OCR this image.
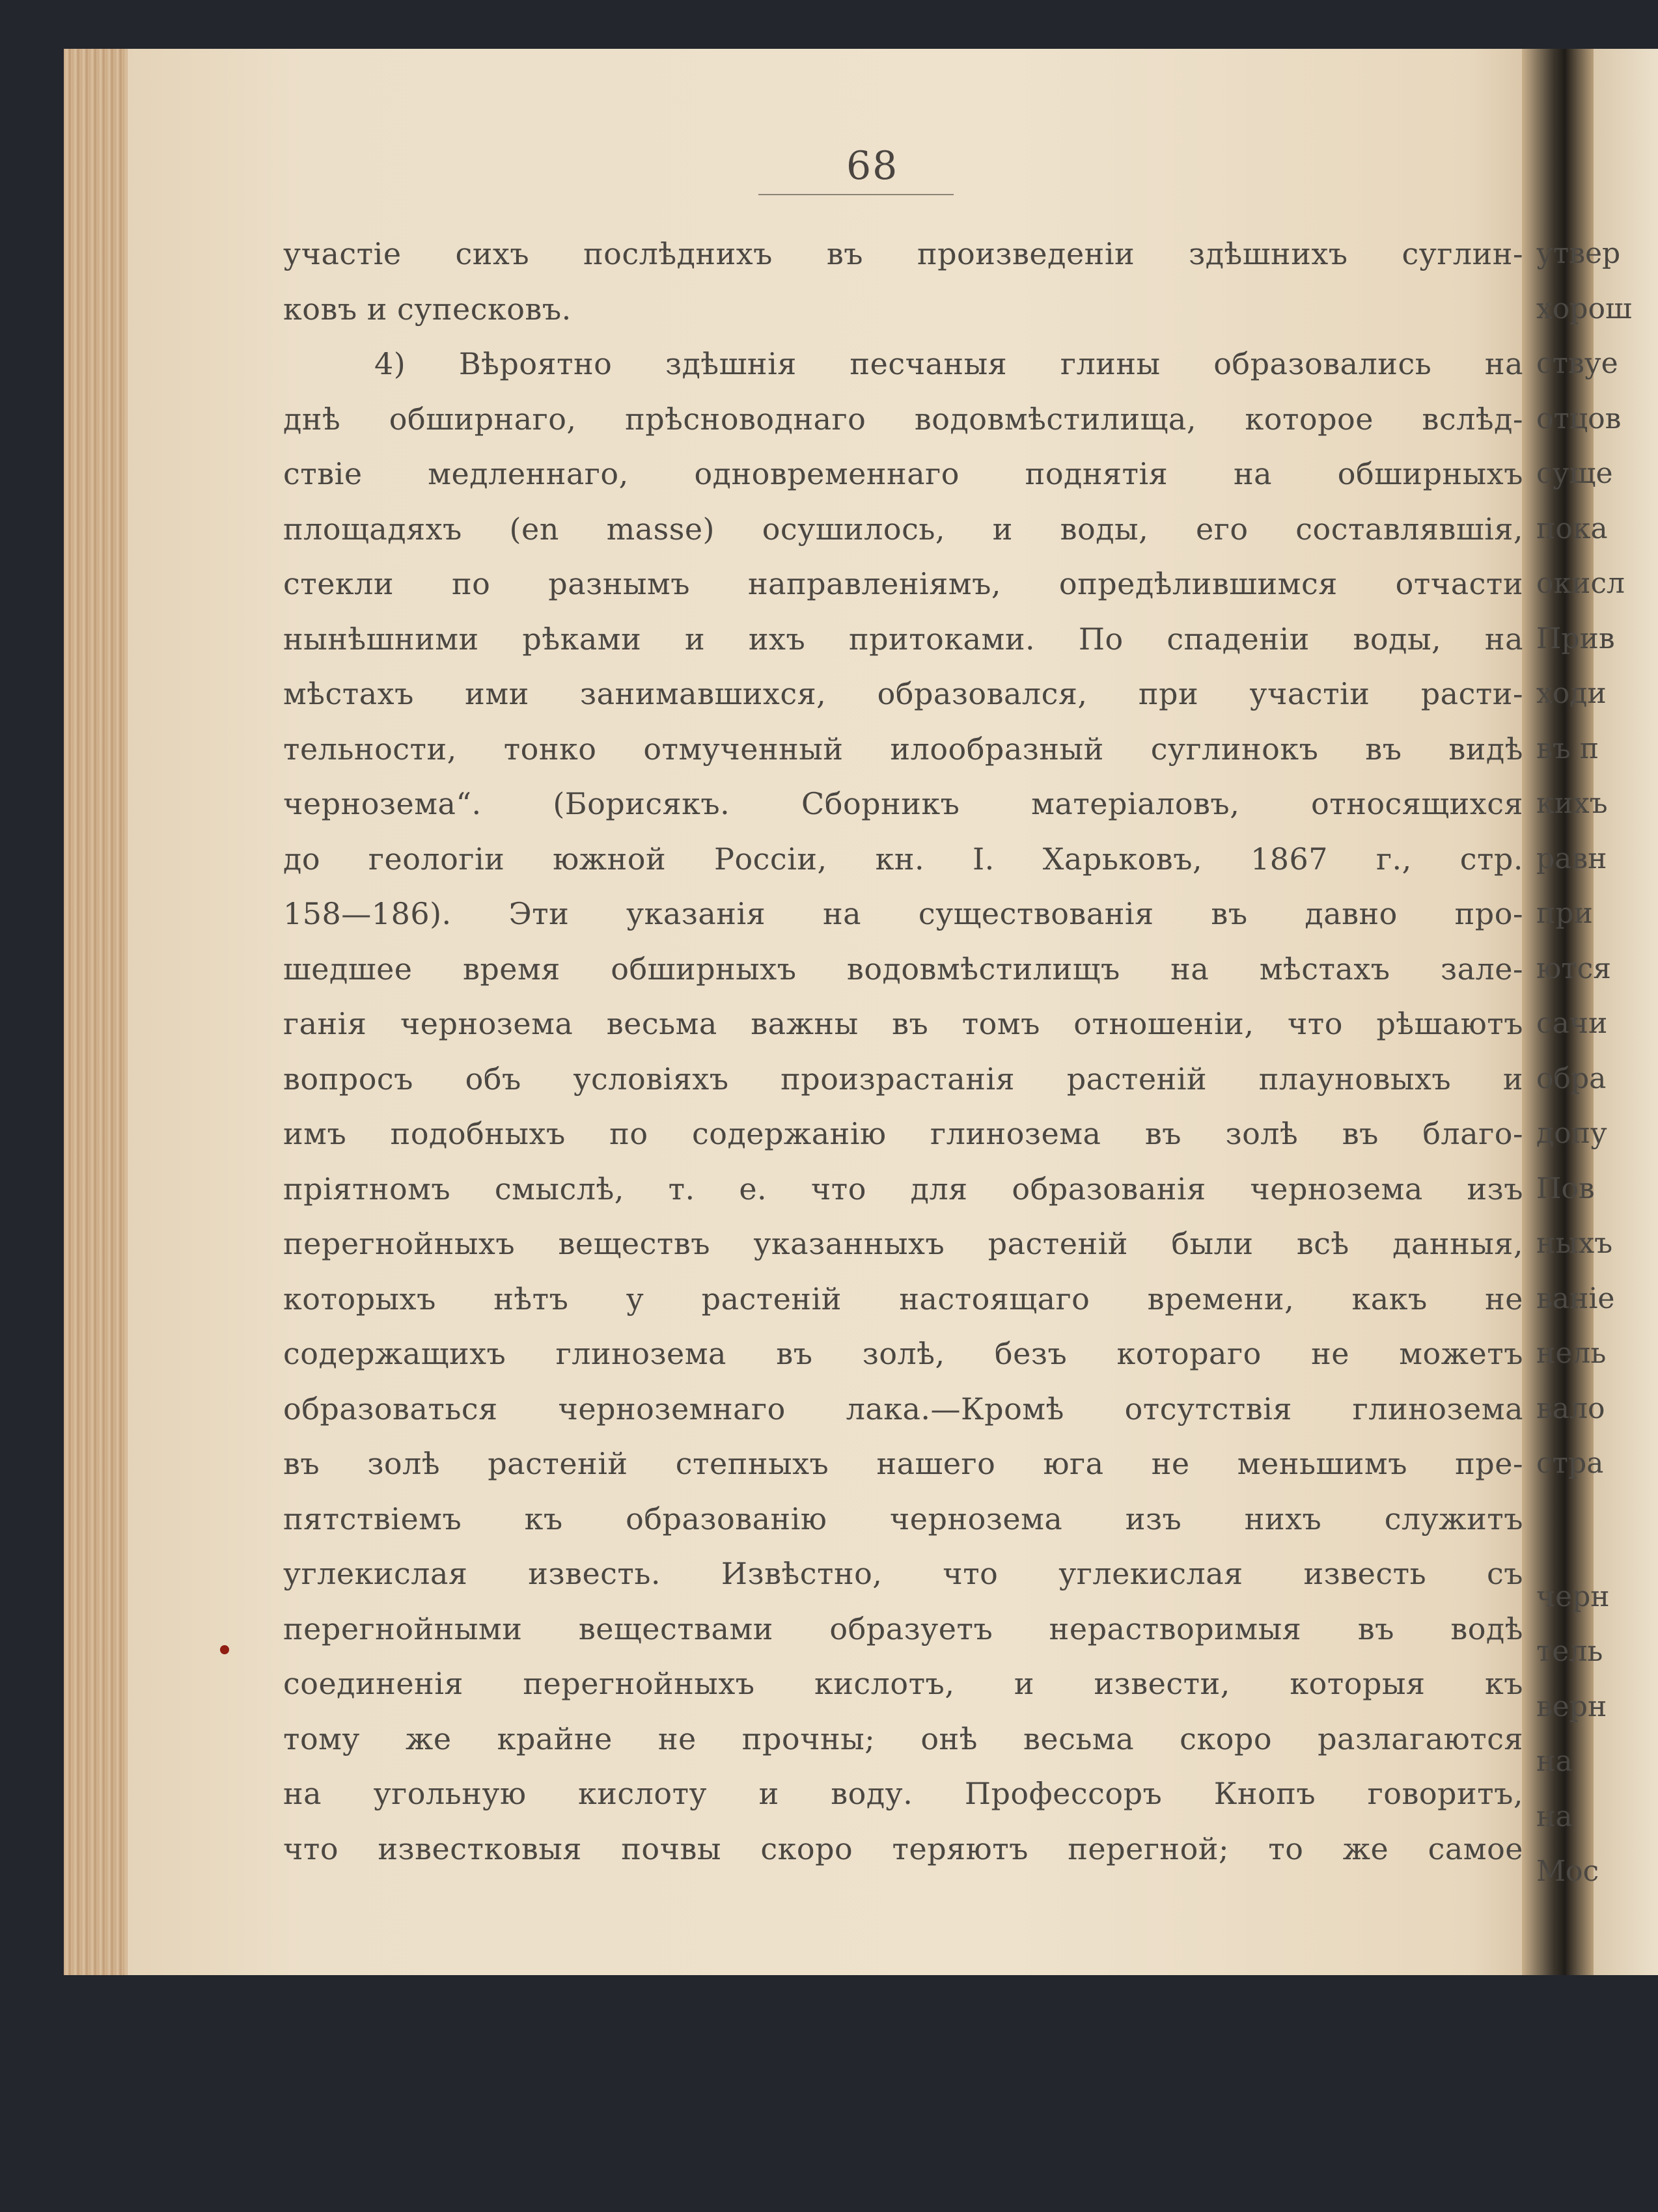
68
участіе сихъ послѣднихъ въ произведеніи здѣшнихъ суглин-
ковъ и супесковъ.
4) Вѣроятно здѣшнія песчаныя глины образовались на
днѣ обширнаго, прѣсноводнаго водовмѣстилища, которое вслѣд-
ствіе медленнаго, одновременнаго поднятія на обширныхъ
площадяхъ (en masse) осушилось, и воды, его составлявшія,
стекли по разнымъ направленіямъ, опредѣлившимся отчасти
нынѣшними рѣками и ихъ притоками. По спаденіи воды, на
мѣстахъ ими занимавшихся, образовался, при участіи расти-
тельности, тонко отмученный илообразный суглинокъ въ видѣ
чернозема“. (Борисякъ. Сборникъ матеріаловъ, относящихся
до геологіи южной Россіи, кн. I. Харьковъ, 1867 г., стр.
158—186). Эти указанія на существованія въ давно про-
шедшее время обширныхъ водовмѣстилищъ на мѣстахъ зале-
ганія чернозема весьма важны въ томъ отношеніи, что рѣшаютъ
вопросъ объ условіяхъ произрастанія растеній плауновыхъ и
имъ подобныхъ по содержанію глинозема въ золѣ въ благо-
пріятномъ смыслѣ, т. е. что для образованія чернозема изъ
перегнойныхъ веществъ указанныхъ растеній были всѣ данныя,
которыхъ нѣтъ у растеній настоящаго времени, какъ не
содержащихъ глинозема въ золѣ, безъ котораго не можетъ
образоваться черноземнаго лака.—Кромѣ отсутствія глинозема
въ золѣ растеній степныхъ нашего юга не меньшимъ пре-
пятствіемъ къ образованію чернозема изъ нихъ служитъ
углекислая известь. Извѣстно, что углекислая известь съ
перегнойными веществами образуетъ нерастворимыя въ водѣ
соединенія перегнойныхъ кислотъ, и извести, которыя къ
тому же крайне не прочны; онѣ весьма скоро разлагаются
на угольную кислоту и воду. Профессоръ Кнопъ говоритъ,
что известковыя почвы скоро теряютъ перегной; то же самое
утвер
хорош
ствуе
отцов
суще
пока
окисл
Прив
ходи
въ п
кихъ
равн
при
ются
сачи
обра
допу
Пов
ныхъ
ваніе
нель
вало
стра
черн
тель
верн
на
на
Мос
